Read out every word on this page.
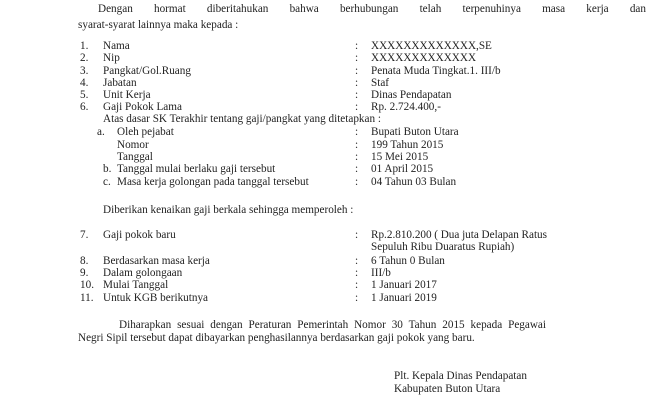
Dengan hormat diberitahukan bahwa berhubungan telah terpenuhinya masa kerja dan
syarat-syarat lainnya maka kepada :
1. Nama	: XXXXXXXXXXXXX,SE
2. Nip	: XXXXXXXXXXXXX
3. Pangkat/Gol.Ruang	: Penata Muda Tingkat.1. III/b
4. Jabatan	: Staf
5. Unit Kerja	: Dinas Pendapatan
6. Gaji Pokok Lama	: Rp. 2.724.400,-
Atas dasar SK Terakhir tentang gaji/pangkat yang ditetapkan :
a. Oleh pejabat	: Bupati Buton Utara
Nomor	: 199 Tahun 2015
Tanggal	: 15 Mei 2015
b. Tanggal mulai berlaku gaji tersebut	: 01 April 2015
c. Masa kerja golongan pada tanggal tersebut	: 04 Tahun 03 Bulan
Diberikan kenaikan gaji berkala sehingga memperoleh :
7. Gaji pokok baru	: Rp.2.810.200 ( Dua juta Delapan Ratus
Sepuluh Ribu Duaratus Rupiah)
8. Berdasarkan masa kerja	: 6 Tahun 0 Bulan
9. Dalam golongaan	: III/b
10. Mulai Tanggal	: 1 Januari 2017
11. Untuk KGB berikutnya	: 1 Januari 2019
Diharapkan sesuai dengan Peraturan Pemerintah Nomor 30 Tahun 2015 kepada Pegawai
Negri Sipil tersebut dapat dibayarkan penghasilannya berdasarkan gaji pokok yang baru.
Plt. Kepala Dinas Pendapatan
Kabupaten Buton Utara
